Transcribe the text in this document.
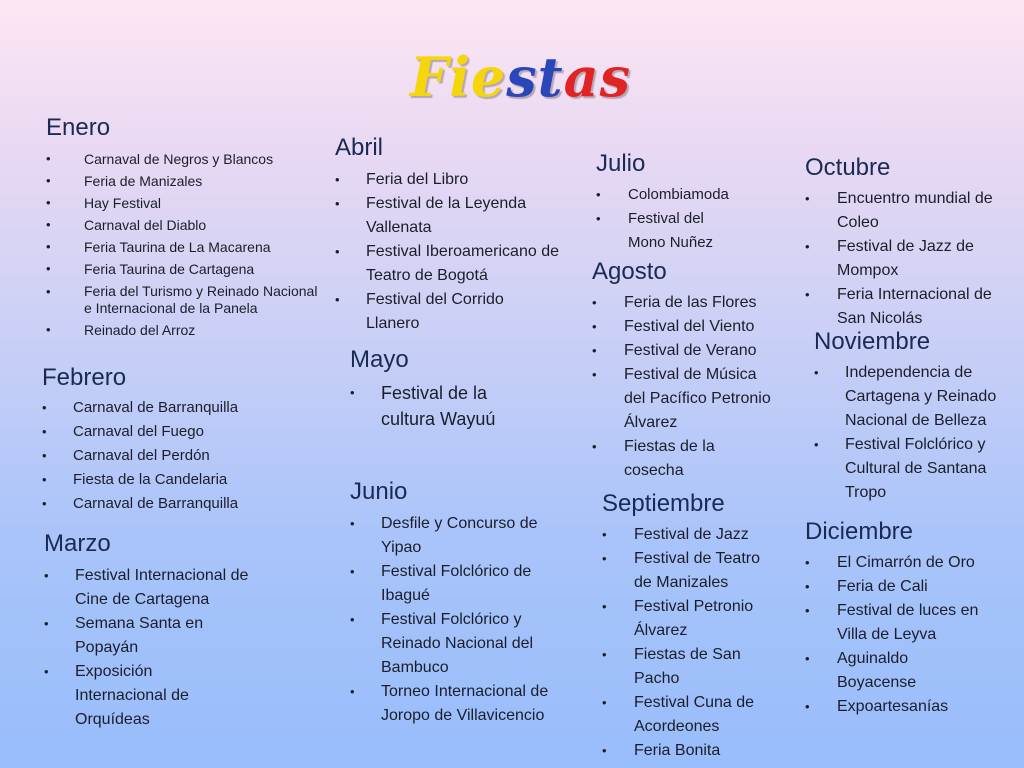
Fiestas
Enero
• Carnaval de Negros y Blancos
• Feria de Manizales
• Hay Festival
• Carnaval del Diablo
• Feria Taurina de La Macarena
• Feria Taurina de Cartagena
• Feria del Turismo y Reinado Nacional e Internacional de la Panela
• Reinado del Arroz
Febrero
• Carnaval de Barranquilla
• Carnaval del Fuego
• Carnaval del Perdón
• Fiesta de la Candelaria
• Carnaval de Barranquilla
Marzo
• Festival Internacional de Cine de Cartagena
• Semana Santa en Popayán
• Exposición Internacional de Orquídeas
Abril
• Feria del Libro
• Festival de la Leyenda Vallenata
• Festival Iberoamericano de Teatro de Bogotá
• Festival del Corrido Llanero
Mayo
• Festival de la cultura Wayuú
Junio
• Desfile y Concurso de Yipao
• Festival Folclórico de Ibagué
• Festival Folclórico y Reinado Nacional del Bambuco
• Torneo Internacional de Joropo de Villavicencio
Julio
• Colombiamoda
• Festival del Mono Nuñez
Agosto
• Feria de las Flores
• Festival del Viento
• Festival de Verano
• Festival de Música del Pacífico Petronio Álvarez
• Fiestas de la cosecha
Septiembre
• Festival de Jazz
• Festival de Teatro de Manizales
• Festival Petronio Álvarez
• Fiestas de San Pacho
• Festival Cuna de Acordeones
• Feria Bonita
Octubre
• Encuentro mundial de Coleo
• Festival de Jazz de Mompox
• Feria Internacional de San Nicolás
Noviembre
• Independencia de Cartagena y Reinado Nacional de Belleza
• Festival Folclórico y Cultural de Santana Tropo
Diciembre
• El Cimarrón de Oro
• Feria de Cali
• Festival de luces en Villa de Leyva
• Aguinaldo Boyacense
• Expoartesanías
